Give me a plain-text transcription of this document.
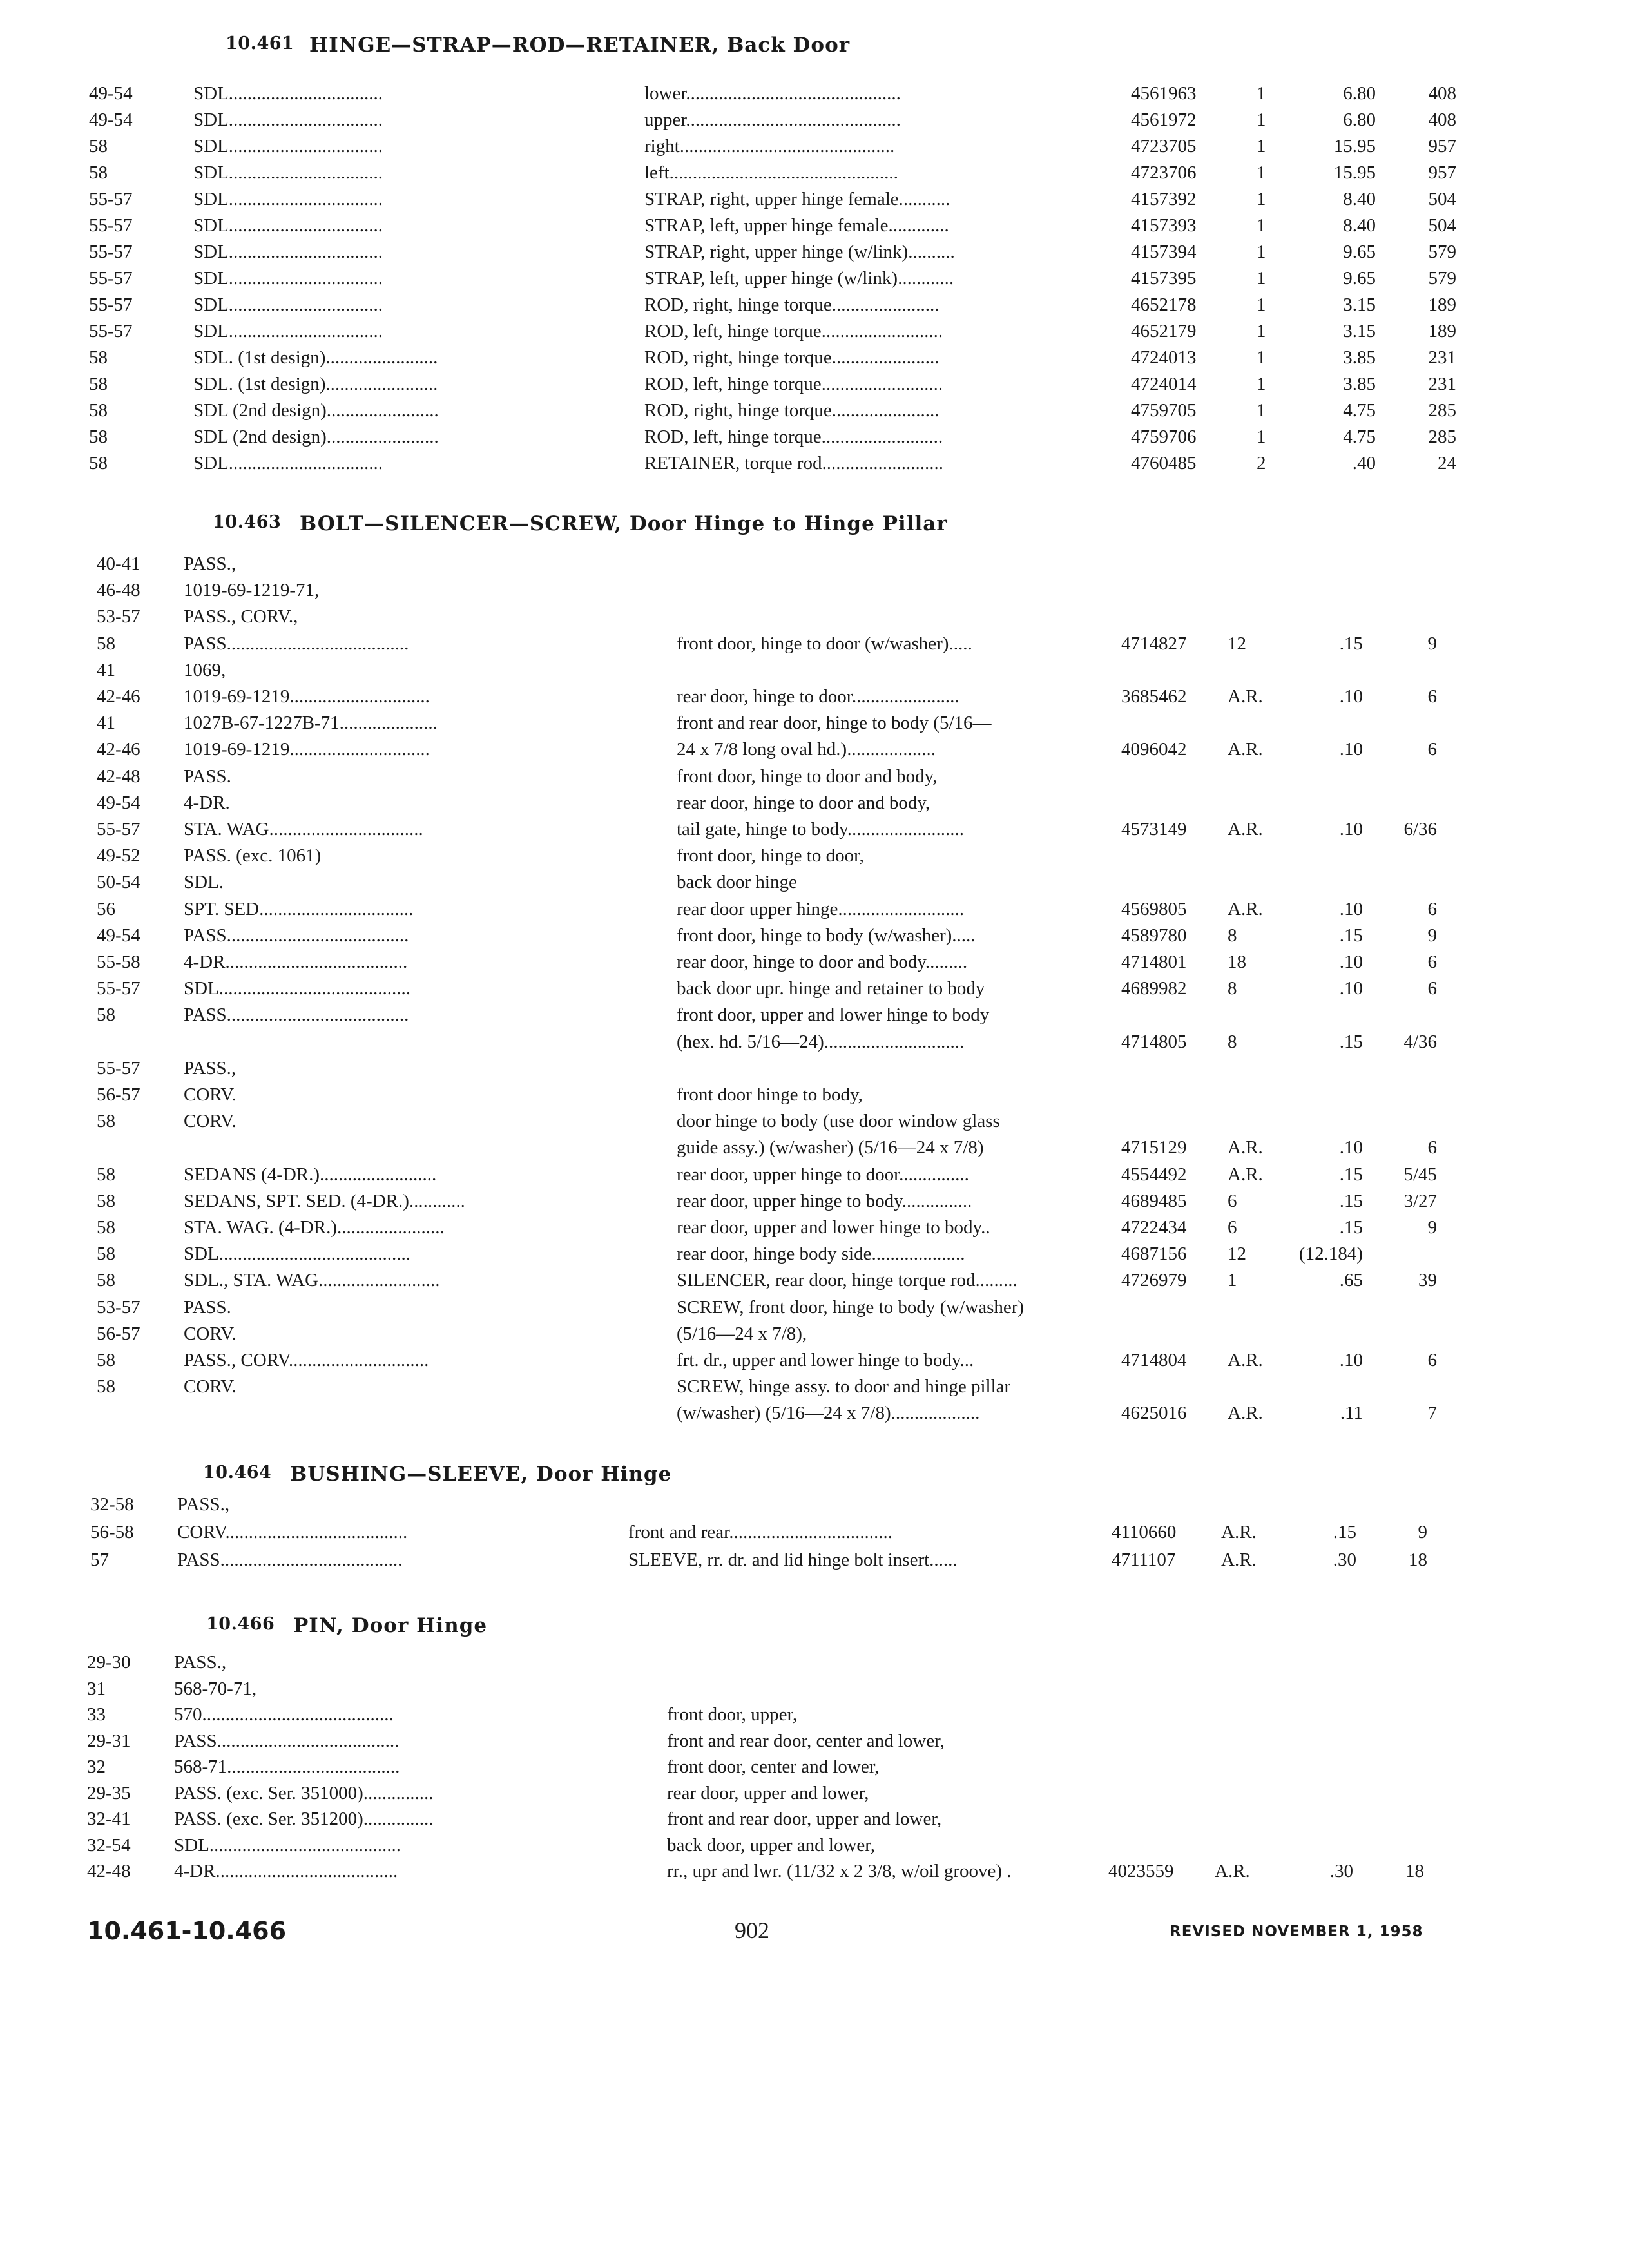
10.461 HINGE—STRAP—ROD—RETAINER, Back Door
49-54	SDL.................................	lower..............................................	4561963	1	6.80	408
49-54	SDL.................................	upper..............................................	4561972	1	6.80	408
58	SDL.................................	right..............................................	4723705	1	15.95	957
58	SDL.................................	left.................................................	4723706	1	15.95	957
55-57	SDL.................................	STRAP, right, upper hinge female...........	4157392	1	8.40	504
55-57	SDL.................................	STRAP, left, upper hinge female.............	4157393	1	8.40	504
55-57	SDL.................................	STRAP, right, upper hinge (w/link)..........	4157394	1	9.65	579
55-57	SDL.................................	STRAP, left, upper hinge (w/link)............	4157395	1	9.65	579
55-57	SDL.................................	ROD, right, hinge torque.......................	4652178	1	3.15	189
55-57	SDL.................................	ROD, left, hinge torque..........................	4652179	1	3.15	189
58	SDL. (1st design)........................	ROD, right, hinge torque.......................	4724013	1	3.85	231
58	SDL. (1st design)........................	ROD, left, hinge torque..........................	4724014	1	3.85	231
58	SDL (2nd design)........................	ROD, right, hinge torque.......................	4759705	1	4.75	285
58	SDL (2nd design)........................	ROD, left, hinge torque..........................	4759706	1	4.75	285
58	SDL.................................	RETAINER, torque rod..........................	4760485	2	.40	24
10.463 BOLT—SILENCER—SCREW, Door Hinge to Hinge Pillar
40-41	PASS.,
46-48	1019-69-1219-71,
53-57	PASS., CORV.,
58	PASS.......................................	front door, hinge to door (w/washer).....	4714827	12	.15	9
41	1069,
42-46	1019-69-1219..............................	rear door, hinge to door.......................	3685462	A.R.	.10	6
41	1027B-67-1227B-71.....................	front and rear door, hinge to body (5/16—
42-46	1019-69-1219..............................	24 x 7/8 long oval hd.)...................	4096042	A.R.	.10	6
42-48	PASS.	front door, hinge to door and body,
49-54	4-DR.	rear door, hinge to door and body,
55-57	STA. WAG.................................	tail gate, hinge to body.........................	4573149	A.R.	.10	6/36
49-52	PASS. (exc. 1061)	front door, hinge to door,
50-54	SDL.	back door hinge
56	SPT. SED.................................	rear door upper hinge...........................	4569805	A.R.	.10	6
49-54	PASS.......................................	front door, hinge to body (w/washer).....	4589780	8	.15	9
55-58	4-DR.......................................	rear door, hinge to door and body.........	4714801	18	.10	6
55-57	SDL.........................................	back door upr. hinge and retainer to body	4689982	8	.10	6
58	PASS.......................................	front door, upper and lower hinge to body
(hex. hd. 5/16—24)..............................	4714805	8	.15	4/36
55-57	PASS.,
56-57	CORV.	front door hinge to body,
58	CORV.	door hinge to body (use door window glass
guide assy.) (w/washer) (5/16—24 x 7/8)	4715129	A.R.	.10	6
58	SEDANS (4-DR.).........................	rear door, upper hinge to door...............	4554492	A.R.	.15	5/45
58	SEDANS, SPT. SED. (4-DR.)............	rear door, upper hinge to body...............	4689485	6	.15	3/27
58	STA. WAG. (4-DR.).......................	rear door, upper and lower hinge to body..	4722434	6	.15	9
58	SDL.........................................	rear door, hinge body side....................	4687156	12	(12.184)
58	SDL., STA. WAG..........................	SILENCER, rear door, hinge torque rod.........	4726979	1	.65	39
53-57	PASS.	SCREW, front door, hinge to body (w/washer)
56-57	CORV.	(5/16—24 x 7/8),
58	PASS., CORV..............................	frt. dr., upper and lower hinge to body...	4714804	A.R.	.10	6
58	CORV.	SCREW, hinge assy. to door and hinge pillar
(w/washer) (5/16—24 x 7/8)...................	4625016	A.R.	.11	7
10.464 BUSHING—SLEEVE, Door Hinge
32-58	PASS.,
56-58	CORV.......................................	front and rear...................................	4110660	A.R.	.15	9
57	PASS.......................................	SLEEVE, rr. dr. and lid hinge bolt insert......	4711107	A.R.	.30	18
10.466 PIN, Door Hinge
29-30	PASS.,
31	568-70-71,
33	570.........................................	front door, upper,
29-31	PASS.......................................	front and rear door, center and lower,
32	568-71.....................................	front door, center and lower,
29-35	PASS. (exc. Ser. 351000)...............	rear door, upper and lower,
32-41	PASS. (exc. Ser. 351200)...............	front and rear door, upper and lower,
32-54	SDL.........................................	back door, upper and lower,
42-48	4-DR.......................................	rr., upr and lwr. (11/32 x 2 3/8, w/oil groove) .	4023559	A.R.	.30	18
10.461-10.466	902	REVISED NOVEMBER 1, 1958
